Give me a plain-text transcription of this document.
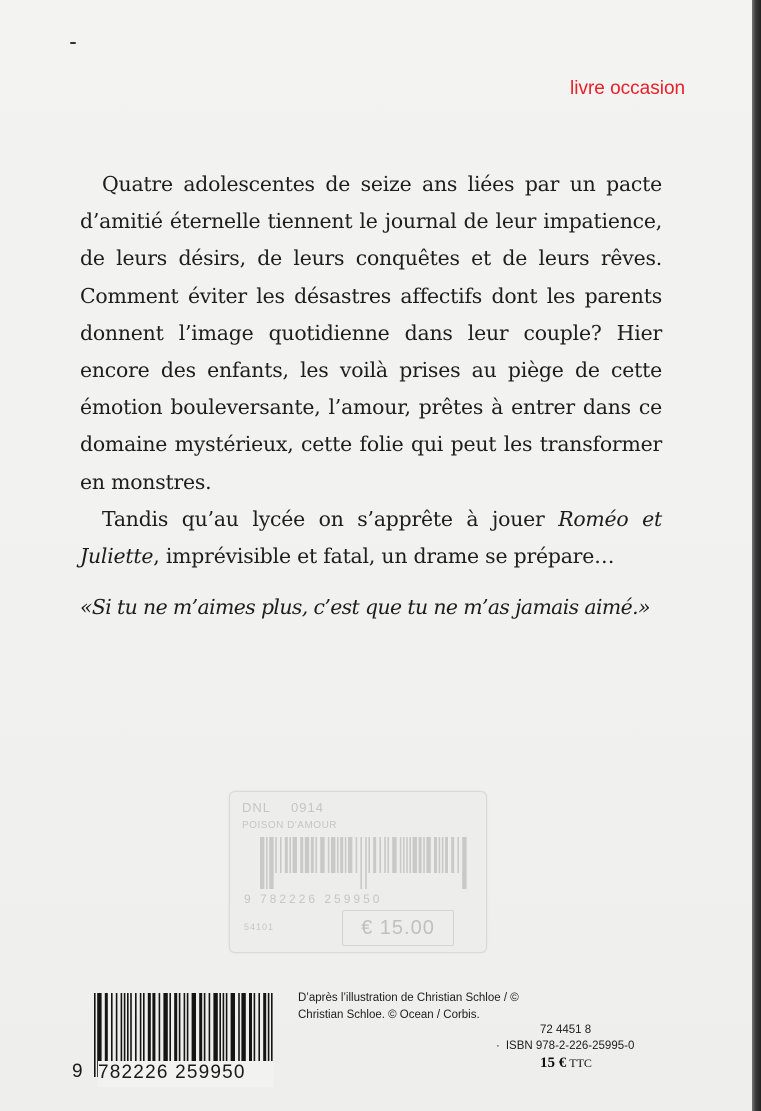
livre occasion

Quatre adolescentes de seize ans liées par un pacte d’amitié éternelle tiennent le journal de leur impatience, de leurs désirs, de leurs conquêtes et de leurs rêves. Comment éviter les désastres affectifs dont les parents donnent l’image quotidienne dans leur couple? Hier encore des enfants, les voilà prises au piège de cette émotion bouleversante, l’amour, prêtes à entrer dans ce domaine mystérieux, cette folie qui peut les transformer en monstres.

Tandis qu’au lycée on s’apprête à jouer Roméo et Juliette, imprévisible et fatal, un drame se prépare…

«Si tu ne m’aimes plus, c’est que tu ne m’as jamais aimé.»

DNL 0914
POISON D'AMOUR
9 782226 259950
54101	€ 15.00
9 782226 259950
D’après l’illustration de Christian Schloe / © Christian Schloe. © Ocean / Corbis.
72 4451 8
· ISBN 978-2-226-25995-0
15 € TTC
